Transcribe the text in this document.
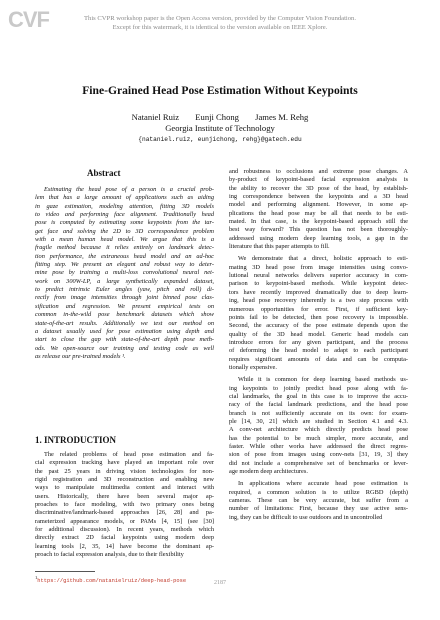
This CVPR workshop paper is the Open Access version, provided by the Computer Vision Foundation.
Except for this watermark, it is identical to the version available on IEEE Xplore.
CVF
Fine-Grained Head Pose Estimation Without Keypoints
Nataniel Ruiz Eunji Chong James M. Rehg
Georgia Institute of Technology
{nataniel.ruiz, eunjichong, rehg}@gatech.edu
Abstract
Estimating the head pose of a person is a crucial prob-
lem that has a large amount of applications such as aiding
in gaze estimation, modeling attention, fitting 3D models
to video and performing face alignment. Traditionally head
pose is computed by estimating some keypoints from the tar-
get face and solving the 2D to 3D correspondence problem
with a mean human head model. We argue that this is a
fragile method because it relies entirely on landmark detec-
tion performance, the extraneous head model and an ad-hoc
fitting step. We present an elegant and robust way to deter-
mine pose by training a multi-loss convolutional neural net-
work on 300W-LP, a large synthetically expanded dataset,
to predict intrinsic Euler angles (yaw, pitch and roll) di-
rectly from image intensities through joint binned pose clas-
sification and regression. We present empirical tests on
common in-the-wild pose benchmark datasets which show
state-of-the-art results. Additionally we test our method on
a dataset usually used for pose estimation using depth and
start to close the gap with state-of-the-art depth pose meth-
ods. We open-source our training and testing code as well
as release our pre-trained models ¹.
1. INTRODUCTION
The related problems of head pose estimation and fa-
cial expression tracking have played an important role over
the past 25 years in driving vision technologies for non-
rigid registration and 3D reconstruction and enabling new
ways to manipulate multimedia content and interact with
users. Historically, there have been several major ap-
proaches to face modeling, with two primary ones being
discriminative/landmark-based approaches [26, 28] and pa-
rameterized appearance models, or PAMs [4, 15] (see [30]
for additional discussion). In recent years, methods which
directly extract 2D facial keypoints using modern deep
learning tools [2, 35, 14] have become the dominant ap-
proach to facial expression analysis, due to their flexibility
and robustness to occlusions and extreme pose changes. A
by-product of keypoint-based facial expression analysis is
the ability to recover the 3D pose of the head, by establish-
ing correspondence between the keypoints and a 3D head
model and performing alignment. However, in some ap-
plications the head pose may be all that needs to be esti-
mated. In that case, is the keypoint-based approach still the
best way forward? This question has not been thoroughly-
addressed using modern deep learning tools, a gap in the
literature that this paper attempts to fill.
We demonstrate that a direct, holistic approach to esti-
mating 3D head pose from image intensities using convo-
lutional neural networks delivers superior accuracy in com-
parison to keypoint-based methods. While keypoint detec-
tors have recently improved dramatically due to deep learn-
ing, head pose recovery inherently is a two step process with
numerous opportunities for error. First, if sufficient key-
points fail to be detected, then pose recovery is impossible.
Second, the accuracy of the pose estimate depends upon the
quality of the 3D head model. Generic head models can
introduce errors for any given participant, and the process
of deforming the head model to adapt to each participant
requires significant amounts of data and can be computa-
tionally expensive.
While it is common for deep learning based methods us-
ing keypoints to jointly predict head pose along with fa-
cial landmarks, the goal in this case is to improve the accu-
racy of the facial landmark predictions, and the head pose
branch is not sufficiently accurate on its own: for exam-
ple [14, 30, 21] which are studied in Section 4.1 and 4.3.
A conv-net architecture which directly predicts head pose
has the potential to be much simpler, more accurate, and
faster. While other works have addressed the direct regres-
sion of pose from images using conv-nets [31, 19, 3] they
did not include a comprehensive set of benchmarks or lever-
age modern deep architectures.
In applications where accurate head pose estimation is
required, a common solution is to utilize RGBD (depth)
cameras. These can be very accurate, but suffer from a
number of limitations: First, because they use active sens-
ing, they can be difficult to use outdoors and in uncontrolled
$^1$https://github.com/natanielruiz/deep-head-pose	2187
